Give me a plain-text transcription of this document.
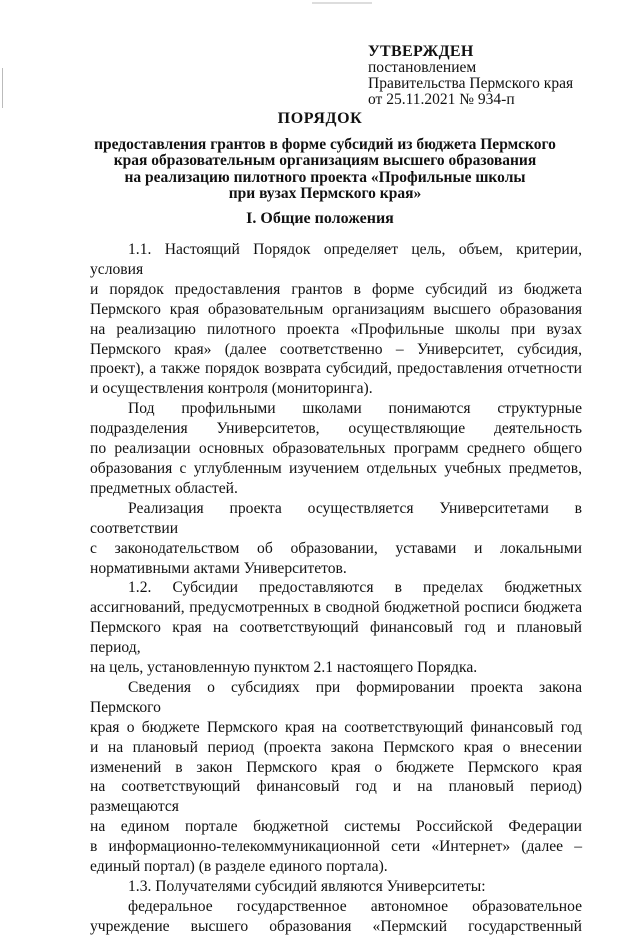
УТВЕРЖДЕН
постановлением
Правительства Пермского края
от 25.11.2021 № 934-п
ПОРЯДОК
предоставления грантов в форме субсидий из бюджета Пермского
края образовательным организациям высшего образования
на реализацию пилотного проекта «Профильные школы
при вузах Пермского края»
I. Общие положения

1.1. Настоящий Порядок определяет цель, объем, критерии, условия

и порядок предоставления грантов в форме субсидий из бюджета

Пермского края образовательным организациям высшего образования

на реализацию пилотного проекта «Профильные школы при вузах

Пермского края» (далее соответственно – Университет, субсидия,

проект), а также порядок возврата субсидий, предоставления отчетности

и осуществления контроля (мониторинга).

Под профильными школами понимаются структурные

подразделения Университетов, осуществляющие деятельность

по реализации основных образовательных программ среднего общего

образования с углубленным изучением отдельных учебных предметов,

предметных областей.

Реализация проекта осуществляется Университетами в соответствии

с законодательством об образовании, уставами и локальными

нормативными актами Университетов.

1.2. Субсидии предоставляются в пределах бюджетных

ассигнований, предусмотренных в сводной бюджетной росписи бюджета

Пермского края на соответствующий финансовый год и плановый период,

на цель, установленную пунктом 2.1 настоящего Порядка.

Сведения о субсидиях при формировании проекта закона Пермского

края о бюджете Пермского края на соответствующий финансовый год

и на плановый период (проекта закона Пермского края о внесении

изменений в закон Пермского края о бюджете Пермского края

на соответствующий финансовый год и на плановый период) размещаются

на едином портале бюджетной системы Российской Федерации

в информационно-телекоммуникационной сети «Интернет» (далее –

единый портал) (в разделе единого портала).

1.3. Получателями субсидий являются Университеты:

федеральное государственное автономное образовательное

учреждение высшего образования «Пермский государственный
